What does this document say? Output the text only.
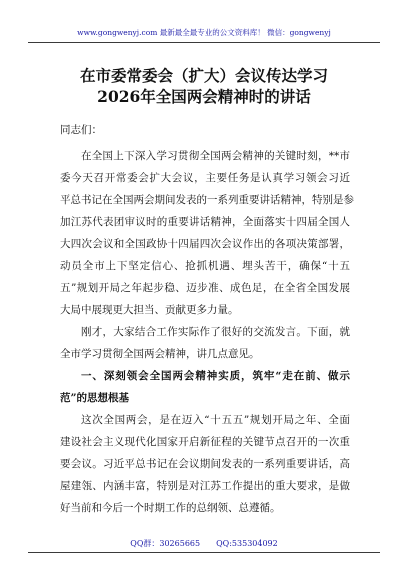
www.gongwenyj.com 最新最全最专业的公文资料库！ 微信：gongwenyj
在市委常委会（扩大）会议传达学习
2026年全国两会精神时的讲话
同志们：
在全国上下深入学习贯彻全国两会精神的关键时刻，**市
委今天召开常委会扩大会议，主要任务是认真学习领会习近
平总书记在全国两会期间发表的一系列重要讲话精神，特别是参
加江苏代表团审议时的重要讲话精神，全面落实十四届全国人
大四次会议和全国政协十四届四次会议作出的各项决策部署，
动员全市上下坚定信心、抢抓机遇、埋头苦干，确保“十五
五”规划开局之年起步稳、迈步准、成色足，在全省全国发展
大局中展现更大担当、贡献更多力量。
刚才，大家结合工作实际作了很好的交流发言。下面，就
全市学习贯彻全国两会精神，讲几点意见。
一、深刻领会全国两会精神实质，筑牢“走在前、做示
范”的思想根基
这次全国两会，是在迈入“十五五”规划开局之年、全面
建设社会主义现代化国家开启新征程的关键节点召开的一次重
要会议。习近平总书记在会议期间发表的一系列重要讲话，高
屋建瓴、内涵丰富，特别是对江苏工作提出的重大要求，是做
好当前和今后一个时期工作的总纲领、总遵循。
QQ群：30265665 QQ:535304092
